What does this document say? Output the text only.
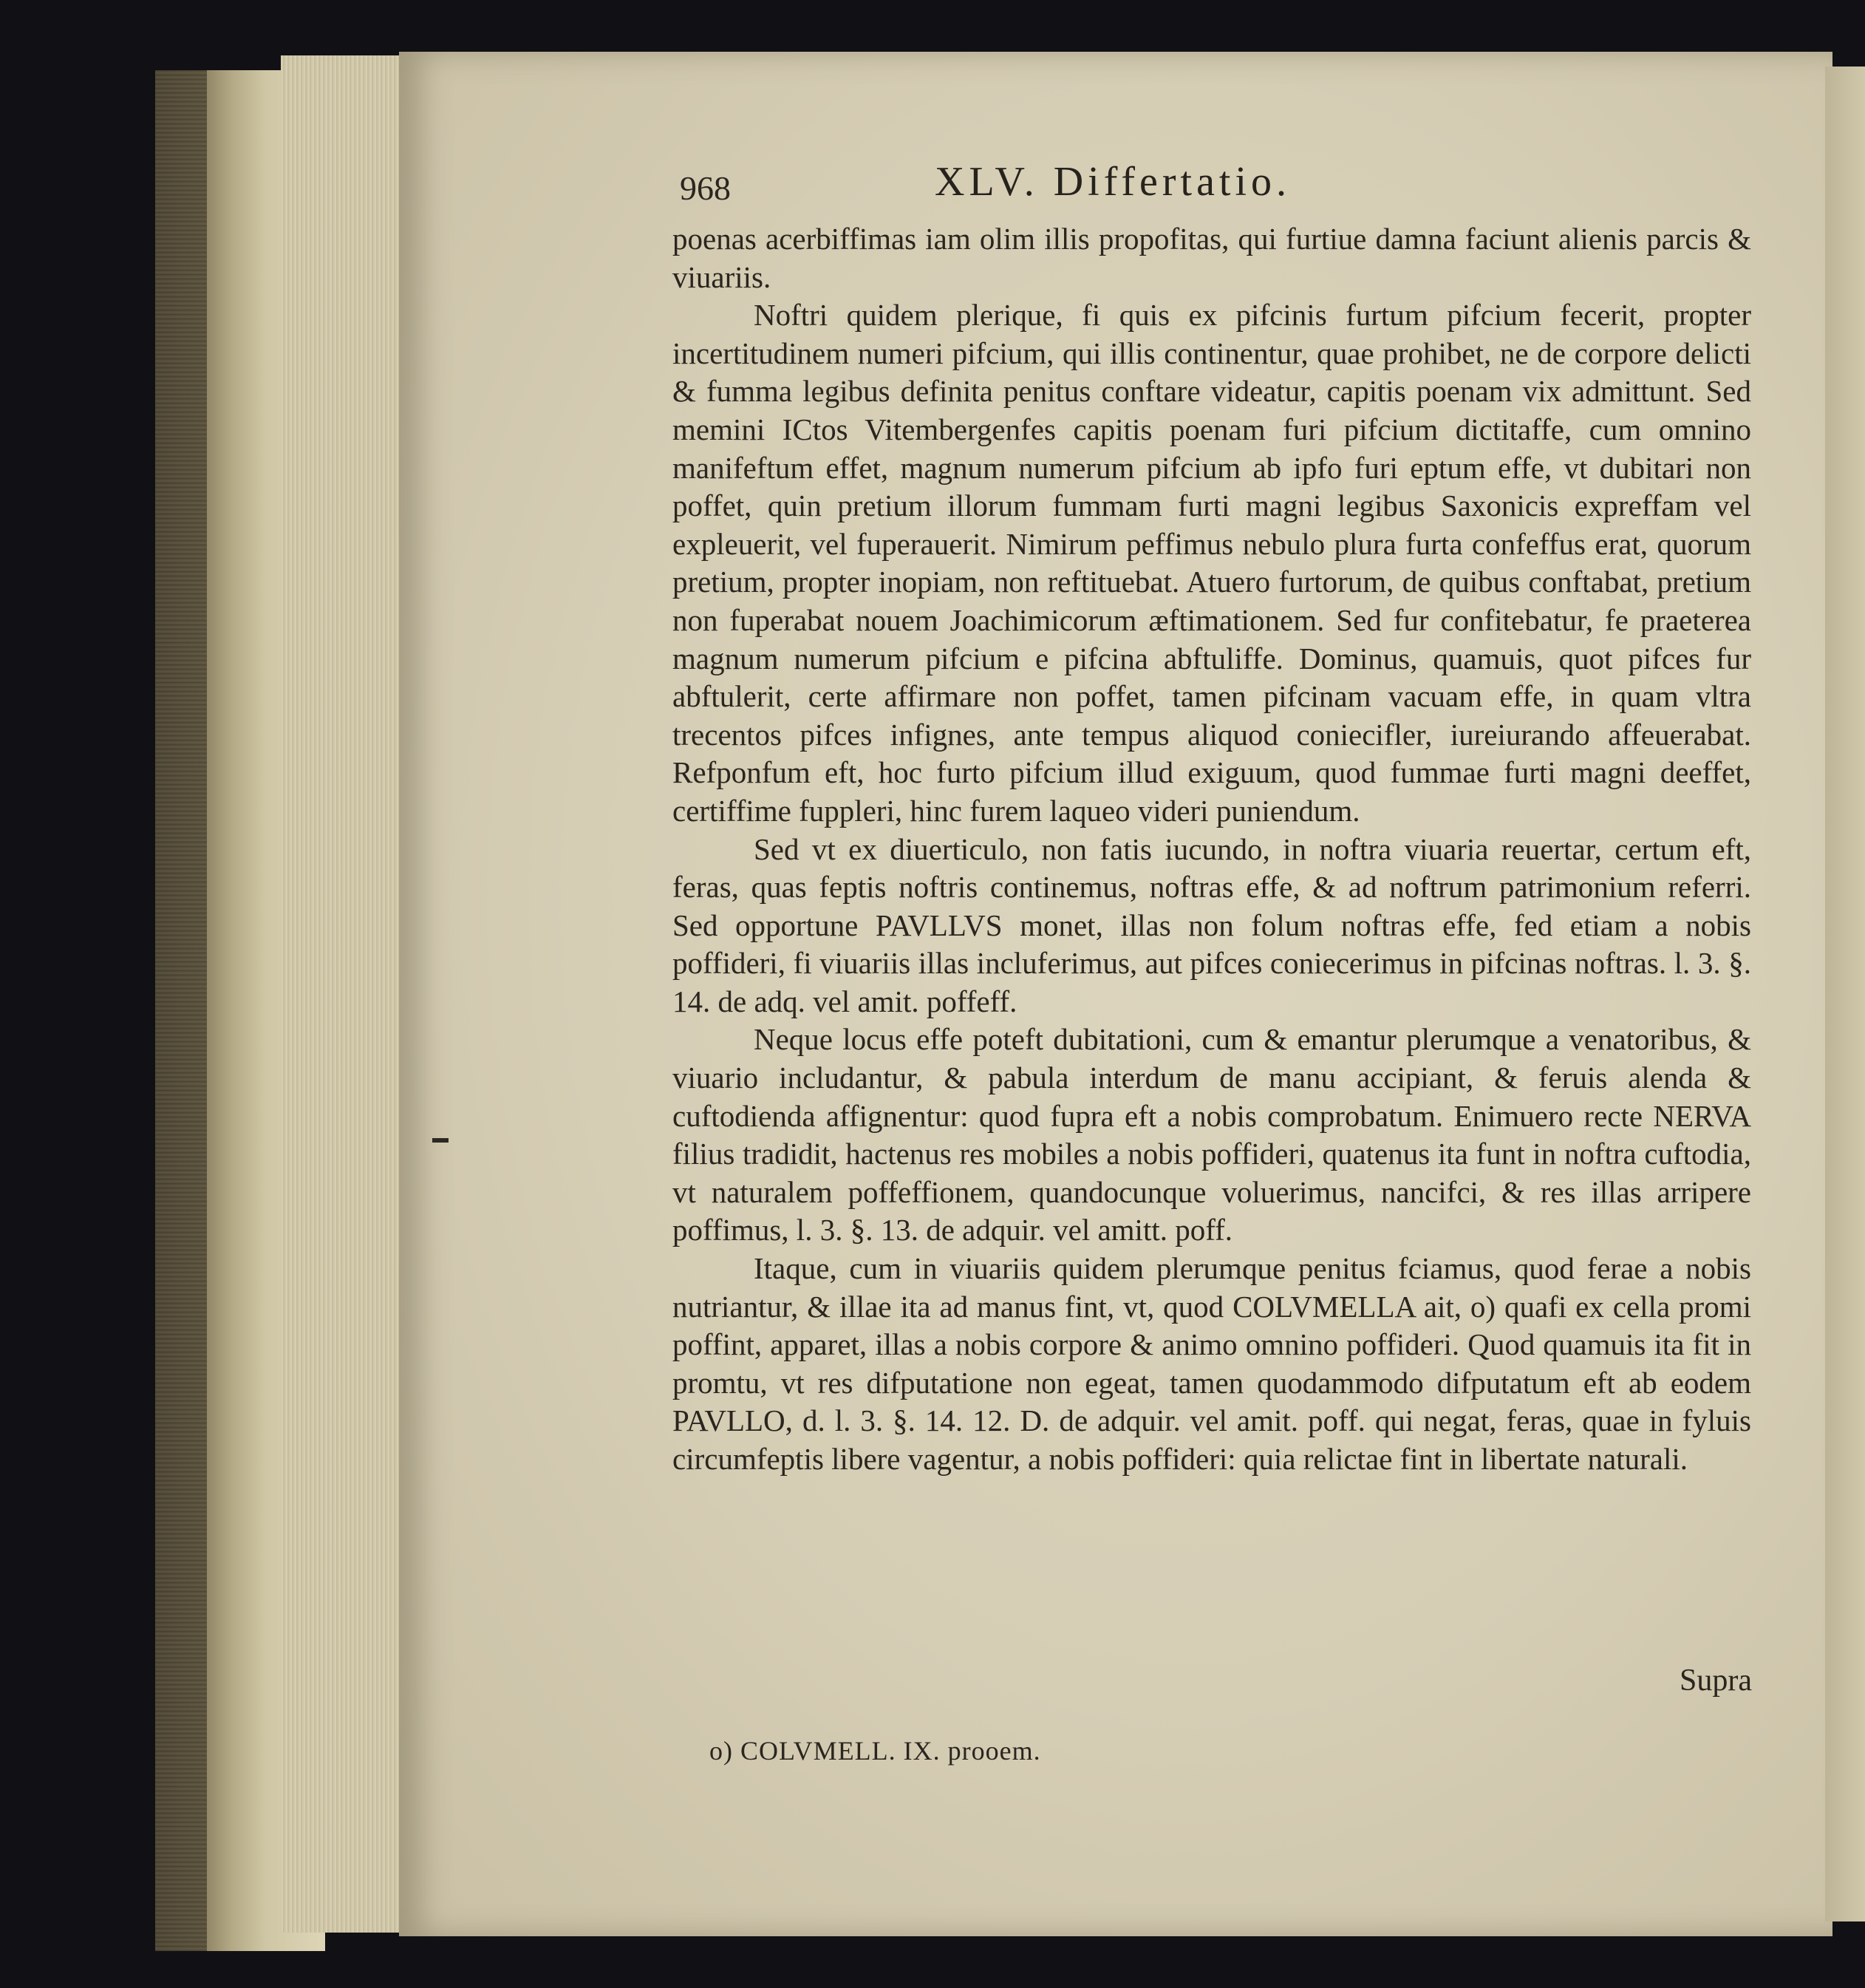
968	XLV. Differtatio.

poenas acerbiffimas iam olim illis propofitas, qui furtiue damna faciunt alienis parcis & viuariis.

Noftri quidem plerique, fi quis ex pifcinis furtum pifcium fecerit, propter incertitudinem numeri pifcium, qui illis continentur, quae prohibet, ne de corpore delicti & fumma legibus definita penitus conftare videatur, capitis poenam vix admittunt. Sed memini ICtos Vitembergenfes capitis poenam furi pifcium dictitaffe, cum omnino manifeftum effet, magnum numerum pifcium ab ipfo furi eptum effe, vt dubitari non poffet, quin pretium illorum fummam furti magni legibus Saxonicis expreffam vel expleuerit, vel fuperauerit. Nimirum peffimus nebulo plura furta confeffus erat, quorum pretium, propter inopiam, non reftituebat. Atuero furtorum, de quibus conftabat, pretium non fuperabat nouem Joachimicorum æftimationem. Sed fur confitebatur, fe praeterea magnum numerum pifcium e pifcina abftuliffe. Dominus, quamuis, quot pifces fur abftulerit, certe affirmare non poffet, tamen pifcinam vacuam effe, in quam vltra trecentos pifces infignes, ante tempus aliquod coniecifler, iureiurando affeuerabat. Refponfum eft, hoc furto pifcium illud exiguum, quod fummae furti magni deeffet, certiffime fuppleri, hinc furem laqueo videri puniendum.

Sed vt ex diuerticulo, non fatis iucundo, in noftra viuaria reuertar, certum eft, feras, quas feptis noftris continemus, noftras effe, & ad noftrum patrimonium referri. Sed opportune PAVLLVS monet, illas non folum noftras effe, fed etiam a nobis poffideri, fi viuariis illas incluferimus, aut pifces coniecerimus in pifcinas noftras. l. 3. §. 14. de adq. vel amit. poffeff.

Neque locus effe poteft dubitationi, cum & emantur plerumque a venatoribus, & viuario includantur, & pabula interdum de manu accipiant, & feruis alenda & cuftodienda affignentur: quod fupra eft a nobis comprobatum. Enimuero recte NERVA filius tradidit, hactenus res mobiles a nobis poffideri, quatenus ita funt in noftra cuftodia, vt naturalem poffeffionem, quandocunque voluerimus, nancifci, & res illas arripere poffimus, l. 3. §. 13. de adquir. vel amitt. poff.

Itaque, cum in viuariis quidem plerumque penitus fciamus, quod ferae a nobis nutriantur, & illae ita ad manus fint, vt, quod COLVMELLA ait, o) quafi ex cella promi poffint, apparet, illas a nobis corpore & animo omnino poffideri. Quod quamuis ita fit in promtu, vt res difputatione non egeat, tamen quodammodo difputatum eft ab eodem PAVLLO, d. l. 3. §. 14. 12. D. de adquir. vel amit. poff. qui negat, feras, quae in fyluis circumfeptis libere vagentur, a nobis poffideri: quia relictae fint in libertate naturali.

Supra
o) COLVMELL. IX. prooem.
